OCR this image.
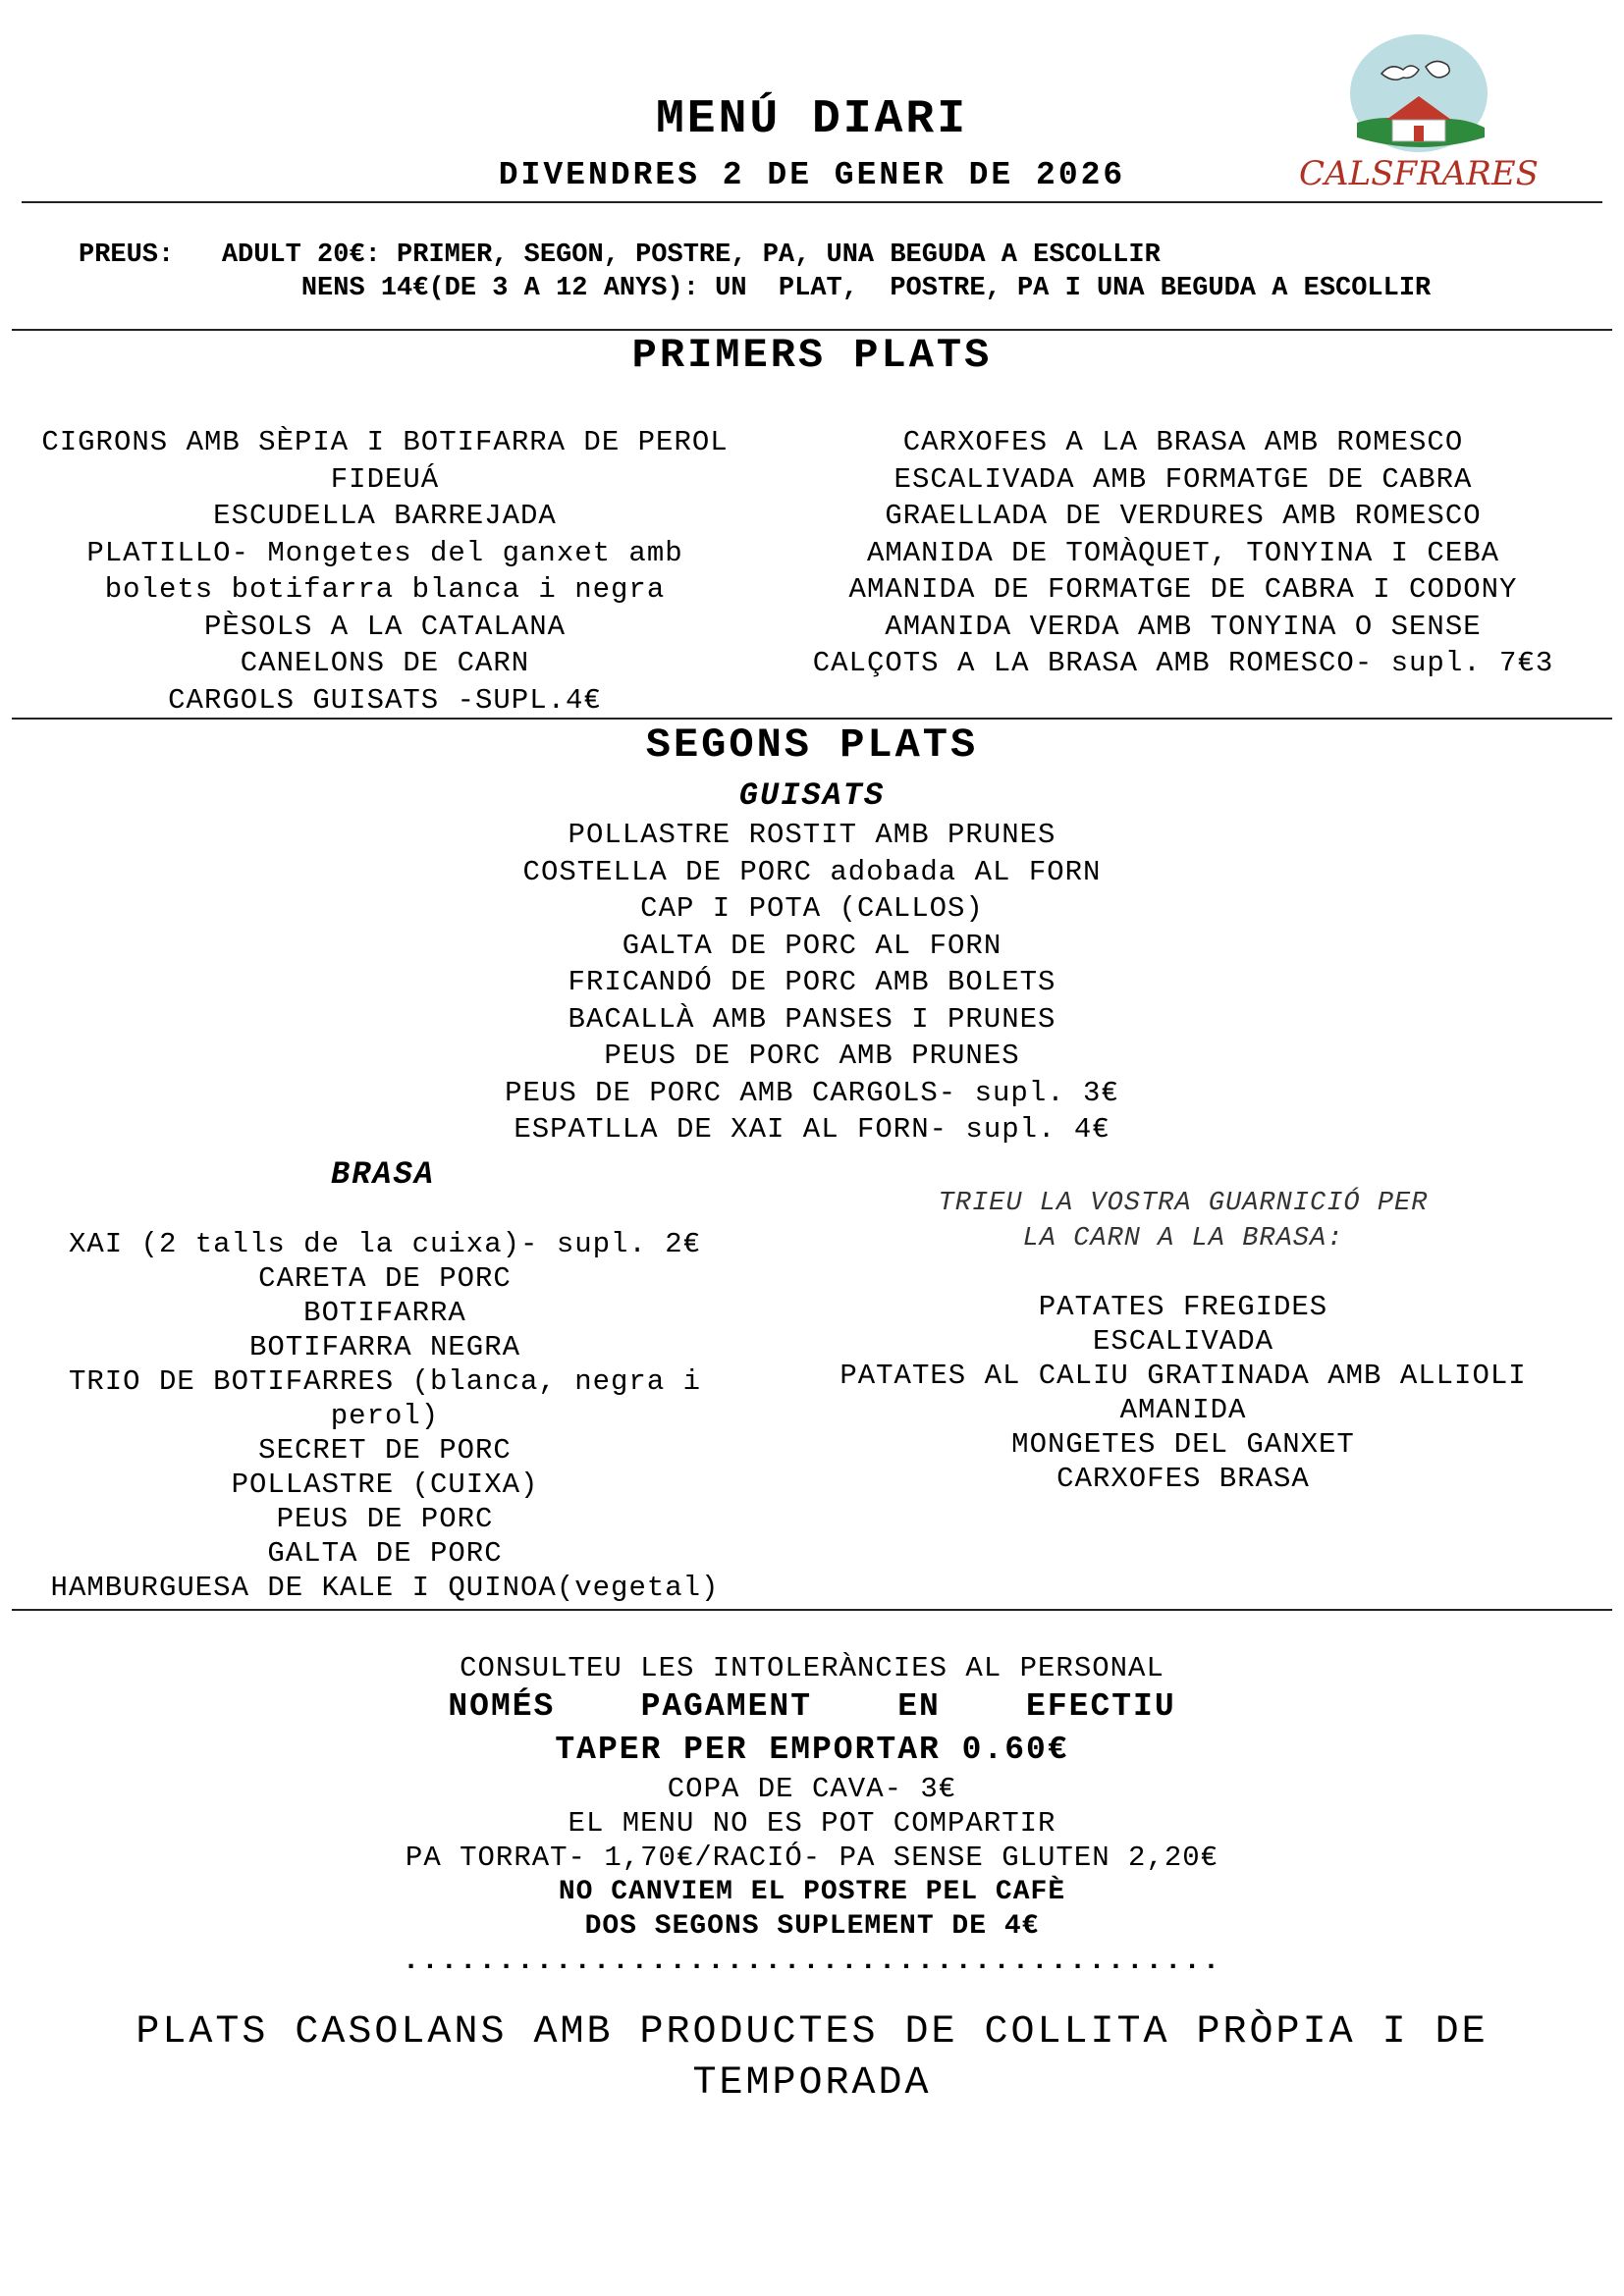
MENÚ DIARI
DIVENDRES 2 DE GENER DE 2026	CALSFRARES
PREUS: ADULT 20€: PRIMER, SEGON, POSTRE, PA, UNA BEGUDA A ESCOLLIR
NENS 14€(DE 3 A 12 ANYS): UN  PLAT,  POSTRE, PA I UNA BEGUDA A ESCOLLIR
PRIMERS PLATS
CIGRONS AMB SÈPIA I BOTIFARRA DE PEROL
FIDEUÁ
ESCUDELLA BARREJADA
PLATILLO- Mongetes del ganxet amb
bolets botifarra blanca i negra
PÈSOLS A LA CATALANA
CANELONS DE CARN
CARGOLS GUISATS -SUPL.4€
CARXOFES A LA BRASA AMB ROMESCO
ESCALIVADA AMB FORMATGE DE CABRA
GRAELLADA DE VERDURES AMB ROMESCO
AMANIDA DE TOMÀQUET, TONYINA I CEBA
AMANIDA DE FORMATGE DE CABRA I CODONY
AMANIDA VERDA AMB TONYINA O SENSE
CALÇOTS A LA BRASA AMB ROMESCO- supl. 7€3
SEGONS PLATS
GUISATS
POLLASTRE ROSTIT AMB PRUNES
COSTELLA DE PORC adobada AL FORN
CAP I POTA (CALLOS)
GALTA DE PORC AL FORN
FRICANDÓ DE PORC AMB BOLETS
BACALLÀ AMB PANSES I PRUNES
PEUS DE PORC AMB PRUNES
PEUS DE PORC AMB CARGOLS- supl. 3€
ESPATLLA DE XAI AL FORN- supl. 4€
BRASA
XAI (2 talls de la cuixa)- supl. 2€
CARETA DE PORC
BOTIFARRA
BOTIFARRA NEGRA
TRIO DE BOTIFARRES (blanca, negra i
perol)
SECRET DE PORC
POLLASTRE (CUIXA)
PEUS DE PORC
GALTA DE PORC
HAMBURGUESA DE KALE I QUINOA(vegetal)
TRIEU LA VOSTRA GUARNICIÓ PER
LA CARN A LA BRASA:
PATATES FREGIDES
ESCALIVADA
PATATES AL CALIU GRATINADA AMB ALLIOLI
AMANIDA
MONGETES DEL GANXET
CARXOFES BRASA
CONSULTEU LES INTOLERÀNCIES AL PERSONAL
NOMÉS    PAGAMENT    EN    EFECTIU
TAPER PER EMPORTAR 0.60€
COPA DE CAVA- 3€
EL MENU NO ES POT COMPARTIR
PA TORRAT- 1,70€/RACIÓ- PA SENSE GLUTEN 2,20€
NO CANVIEM EL POSTRE PEL CAFÈ
DOS SEGONS SUPLEMENT DE 4€
...........................................
PLATS CASOLANS AMB PRODUCTES DE COLLITA PRÒPIA I DE
TEMPORADA
